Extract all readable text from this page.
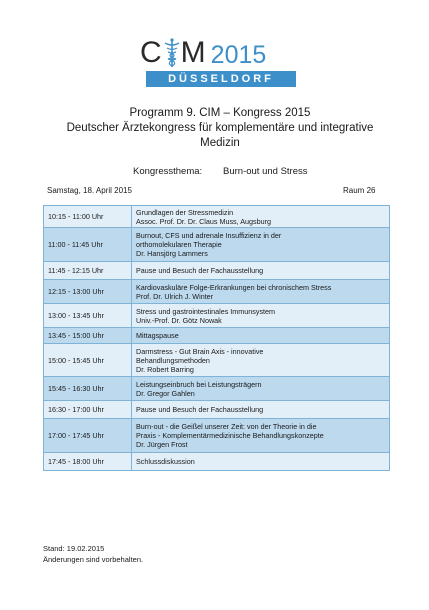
C M 2015
DÜSSELDORF
Programm 9. CIM – Kongress 2015
Deutscher Ärztekongress für komplementäre und integrative
Medizin
Kongressthema: Burn-out und Stress
Samstag, 18. April 2015	Raum 26
10:15 - 11:00 Uhr	Grundlagen der Stressmedizin
Assoc. Prof. Dr. Dr. Claus Muss, Augsburg
11:00 - 11:45 Uhr
Burnout, CFS und adrenale Insuffizienz in der
orthomolekularen Therapie
Dr. Hansjörg Lammers
11:45 - 12:15 Uhr	Pause und Besuch der Fachausstellung
12:15 - 13:00 Uhr	Kardiovaskuläre Folge-Erkrankungen bei chronischem Stress
Prof. Dr. Ulrich J. Winter
13:00 - 13:45 Uhr	Stress und gastrointestinales Immunsystem
Univ.-Prof. Dr. Götz Nowak
13:45 - 15:00 Uhr	Mittagspause
15:00 - 15:45 Uhr
Darmstress - Gut Brain Axis - innovative
Behandlungsmethoden
Dr. Robert Barring
15:45 - 16:30 Uhr	Leistungseinbruch bei Leistungsträgern
Dr. Gregor Gahlen
16:30 - 17:00 Uhr	Pause und Besuch der Fachausstellung
17:00 - 17:45 Uhr
Burn-out - die Geißel unserer Zeit: von der Theorie in die
Praxis - Komplementärmedizinische Behandlungskonzepte
Dr. Jürgen Frost
17:45 - 18:00 Uhr	Schlussdiskussion
Stand: 19.02.2015
Änderungen sind vorbehalten.
